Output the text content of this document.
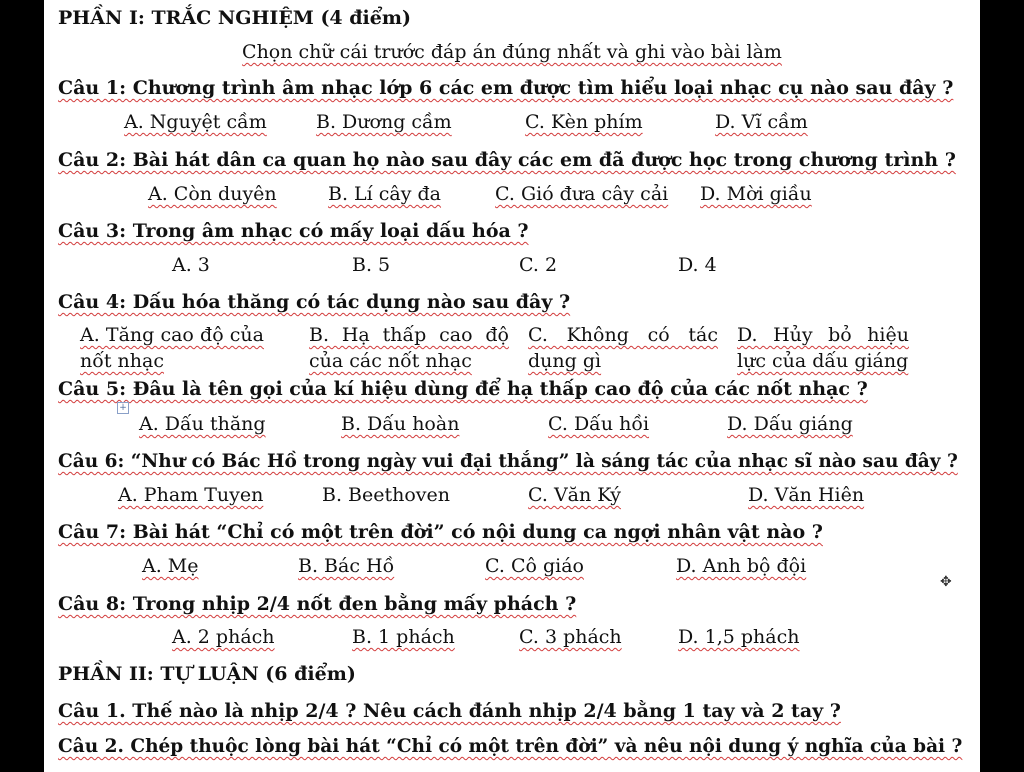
PHẦN I: TRẮC NGHIỆM (4 điểm)
Chọn chữ cái trước đáp án đúng nhất và ghi vào bài làm
Câu 1: Chương trình âm nhạc lớp 6 các em được tìm hiểu loại nhạc cụ nào sau đây ?
A. Nguyệt cầm	B. Dương cầm	C. Kèn phím	D. Vĩ cầm
Câu 2: Bài hát dân ca quan họ nào sau đây các em đã được học trong chương trình ?
A. Còn duyên	B. Lí cây đa	C. Gió đưa cây cải D. Mời giầu
Câu 3: Trong âm nhạc có mấy loại dấu hóa ?
A. 3	B. 5	C. 2	D. 4
Câu 4: Dấu hóa thăng có tác dụng nào sau đây ?
A. Tăng cao độ của nốt nhạc
B. Hạ thấp cao độ của các nốt nhạc
C. Không có tác dụng gì
D. Hủy bỏ hiệu lực của dấu giáng
Câu 5: Đâu là tên gọi của kí hiệu dùng để hạ thấp cao độ của các nốt nhạc ?
+
A. Dấu thăng	B. Dấu hoàn	C. Dấu hồi	D. Dấu giáng
Câu 6: “Như có Bác Hồ trong ngày vui đại thắng” là sáng tác của nhạc sĩ nào sau đây ?
A. Pham Tuyen	B. Beethoven	C. Văn Ký	D. Văn Hiên
Câu 7: Bài hát “Chỉ có một trên đời” có nội dung ca ngợi nhân vật nào ?
A. Mẹ	B. Bác Hồ	C. Cô giáo	D. Anh bộ đội
✥
Câu 8: Trong nhịp 2/4 nốt đen bằng mấy phách ?
A. 2 phách	B. 1 phách	C. 3 phách	D. 1,5 phách
PHẦN II: TỰ LUẬN (6 điểm)
Câu 1. Thế nào là nhịp 2/4 ? Nêu cách đánh nhịp 2/4 bằng 1 tay và 2 tay ?
Câu 2. Chép thuộc lòng bài hát “Chỉ có một trên đời” và nêu nội dung ý nghĩa của bài ?
